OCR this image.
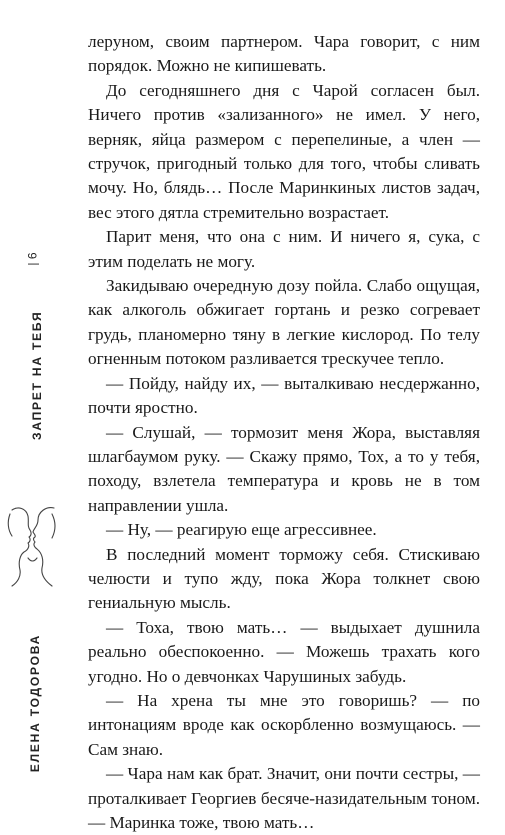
| 6
ЗАПРЕТ НА ТЕБЯ
ЕЛЕНА ТОДОРОВА

лерyном, своим партнером. Чара говорит, с ним порядок. Можно не кипишевать.

До сегодняшнего дня с Чарой согласен был. Ничего против «зализанного» не имел. У него, верняк, яйца размером с перепелиные, а член — стручок, пригодный только для того, чтобы сливать мочу. Но, блядь… После Маринкиных листов задач, вес этого дятла стремительно возрастает.

Парит меня, что она с ним. И ничего я, сука, с этим поделать не могу.

Закидываю очередную дозу пойла. Слабо ощущая, как алкоголь обжигает гортань и резко согревает грудь, планомерно тяну в легкие кислород. По телу огненным потоком разливается трескучее тепло.

— Пойду, найду их, — выталкиваю несдержанно, почти яростно.

— Слушай, — тормозит меня Жора, выставляя шлагбаумом руку. — Скажу прямо, Тох, а то у тебя, походу, взлетела температура и кровь не в том направлении ушла.

— Ну, — реагирую еще агрессивнее.

В последний момент торможу себя. Стискиваю челюсти и тупо жду, пока Жора толкнет свою гениальную мысль.

— Тоха, твою мать… — выдыхает душнила реально обеспокоенно. — Можешь трахать кого угодно. Но о девчонках Чарушиных забудь.

— На хрена ты мне это говоришь? — по интонациям вроде как оскорбленно возмущаюсь. — Сам знаю.

— Чара нам как брат. Значит, они почти сестры, — проталкивает Георгиев бесяче-назидательным тоном. — Маринка тоже, твою мать…
